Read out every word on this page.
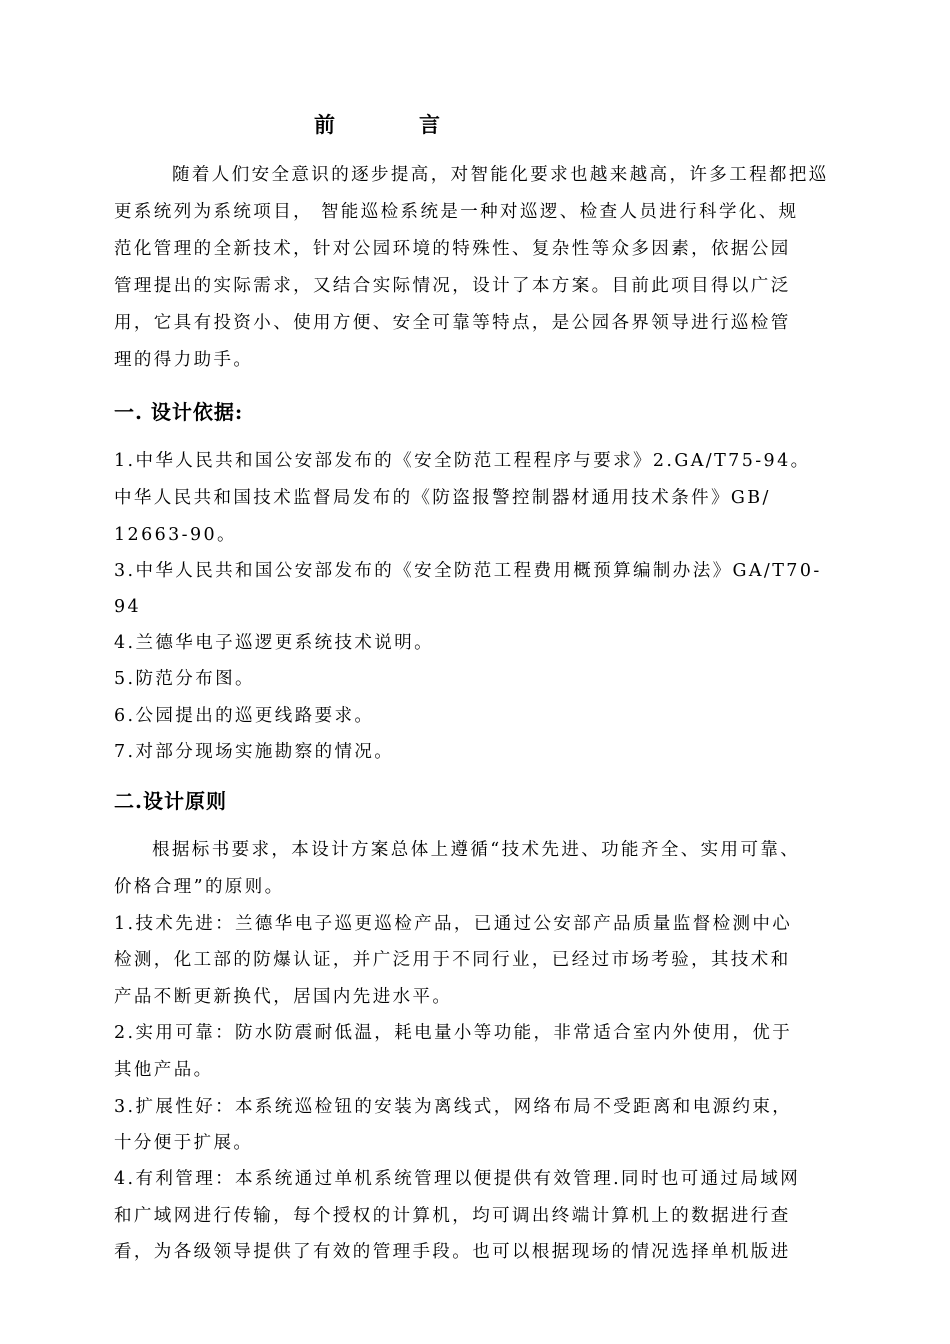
前	言
随着人们安全意识的逐步提高，对智能化要求也越来越高，许多工程都把巡
更系统列为系统项目， 智能巡检系统是一种对巡逻、检查人员进行科学化、规
范化管理的全新技术，针对公园环境的特殊性、复杂性等众多因素，依据公园
管理提出的实际需求，又结合实际情况，设计了本方案。目前此项目得以广泛
用，它具有投资小、使用方便、安全可靠等特点，是公园各界领导进行巡检管
理的得力助手。
一. 设计依据:
1.中华人民共和国公安部发布的《安全防范工程程序与要求》2.GA/T75-94。
中华人民共和国技术监督局发布的《防盗报警控制器材通用技术条件》GB/
12663-90。
3.中华人民共和国公安部发布的《安全防范工程费用概预算编制办法》GA/T70-
94
4.兰德华电子巡逻更系统技术说明。
5.防范分布图。
6.公园提出的巡更线路要求。
7.对部分现场实施勘察的情况。
二.设计原则
根据标书要求，本设计方案总体上遵循“技术先进、功能齐全、实用可靠、
价格合理”的原则。
1.技术先进：兰德华电子巡更巡检产品，已通过公安部产品质量监督检测中心
检测，化工部的防爆认证，并广泛用于不同行业，已经过市场考验，其技术和
产品不断更新换代，居国内先进水平。
2.实用可靠：防水防震耐低温，耗电量小等功能，非常适合室内外使用，优于
其他产品。
3.扩展性好：本系统巡检钮的安装为离线式，网络布局不受距离和电源约束，
十分便于扩展。
4.有利管理：本系统通过单机系统管理以便提供有效管理.同时也可通过局域网
和广域网进行传输，每个授权的计算机，均可调出终端计算机上的数据进行查
看，为各级领导提供了有效的管理手段。也可以根据现场的情况选择单机版进
